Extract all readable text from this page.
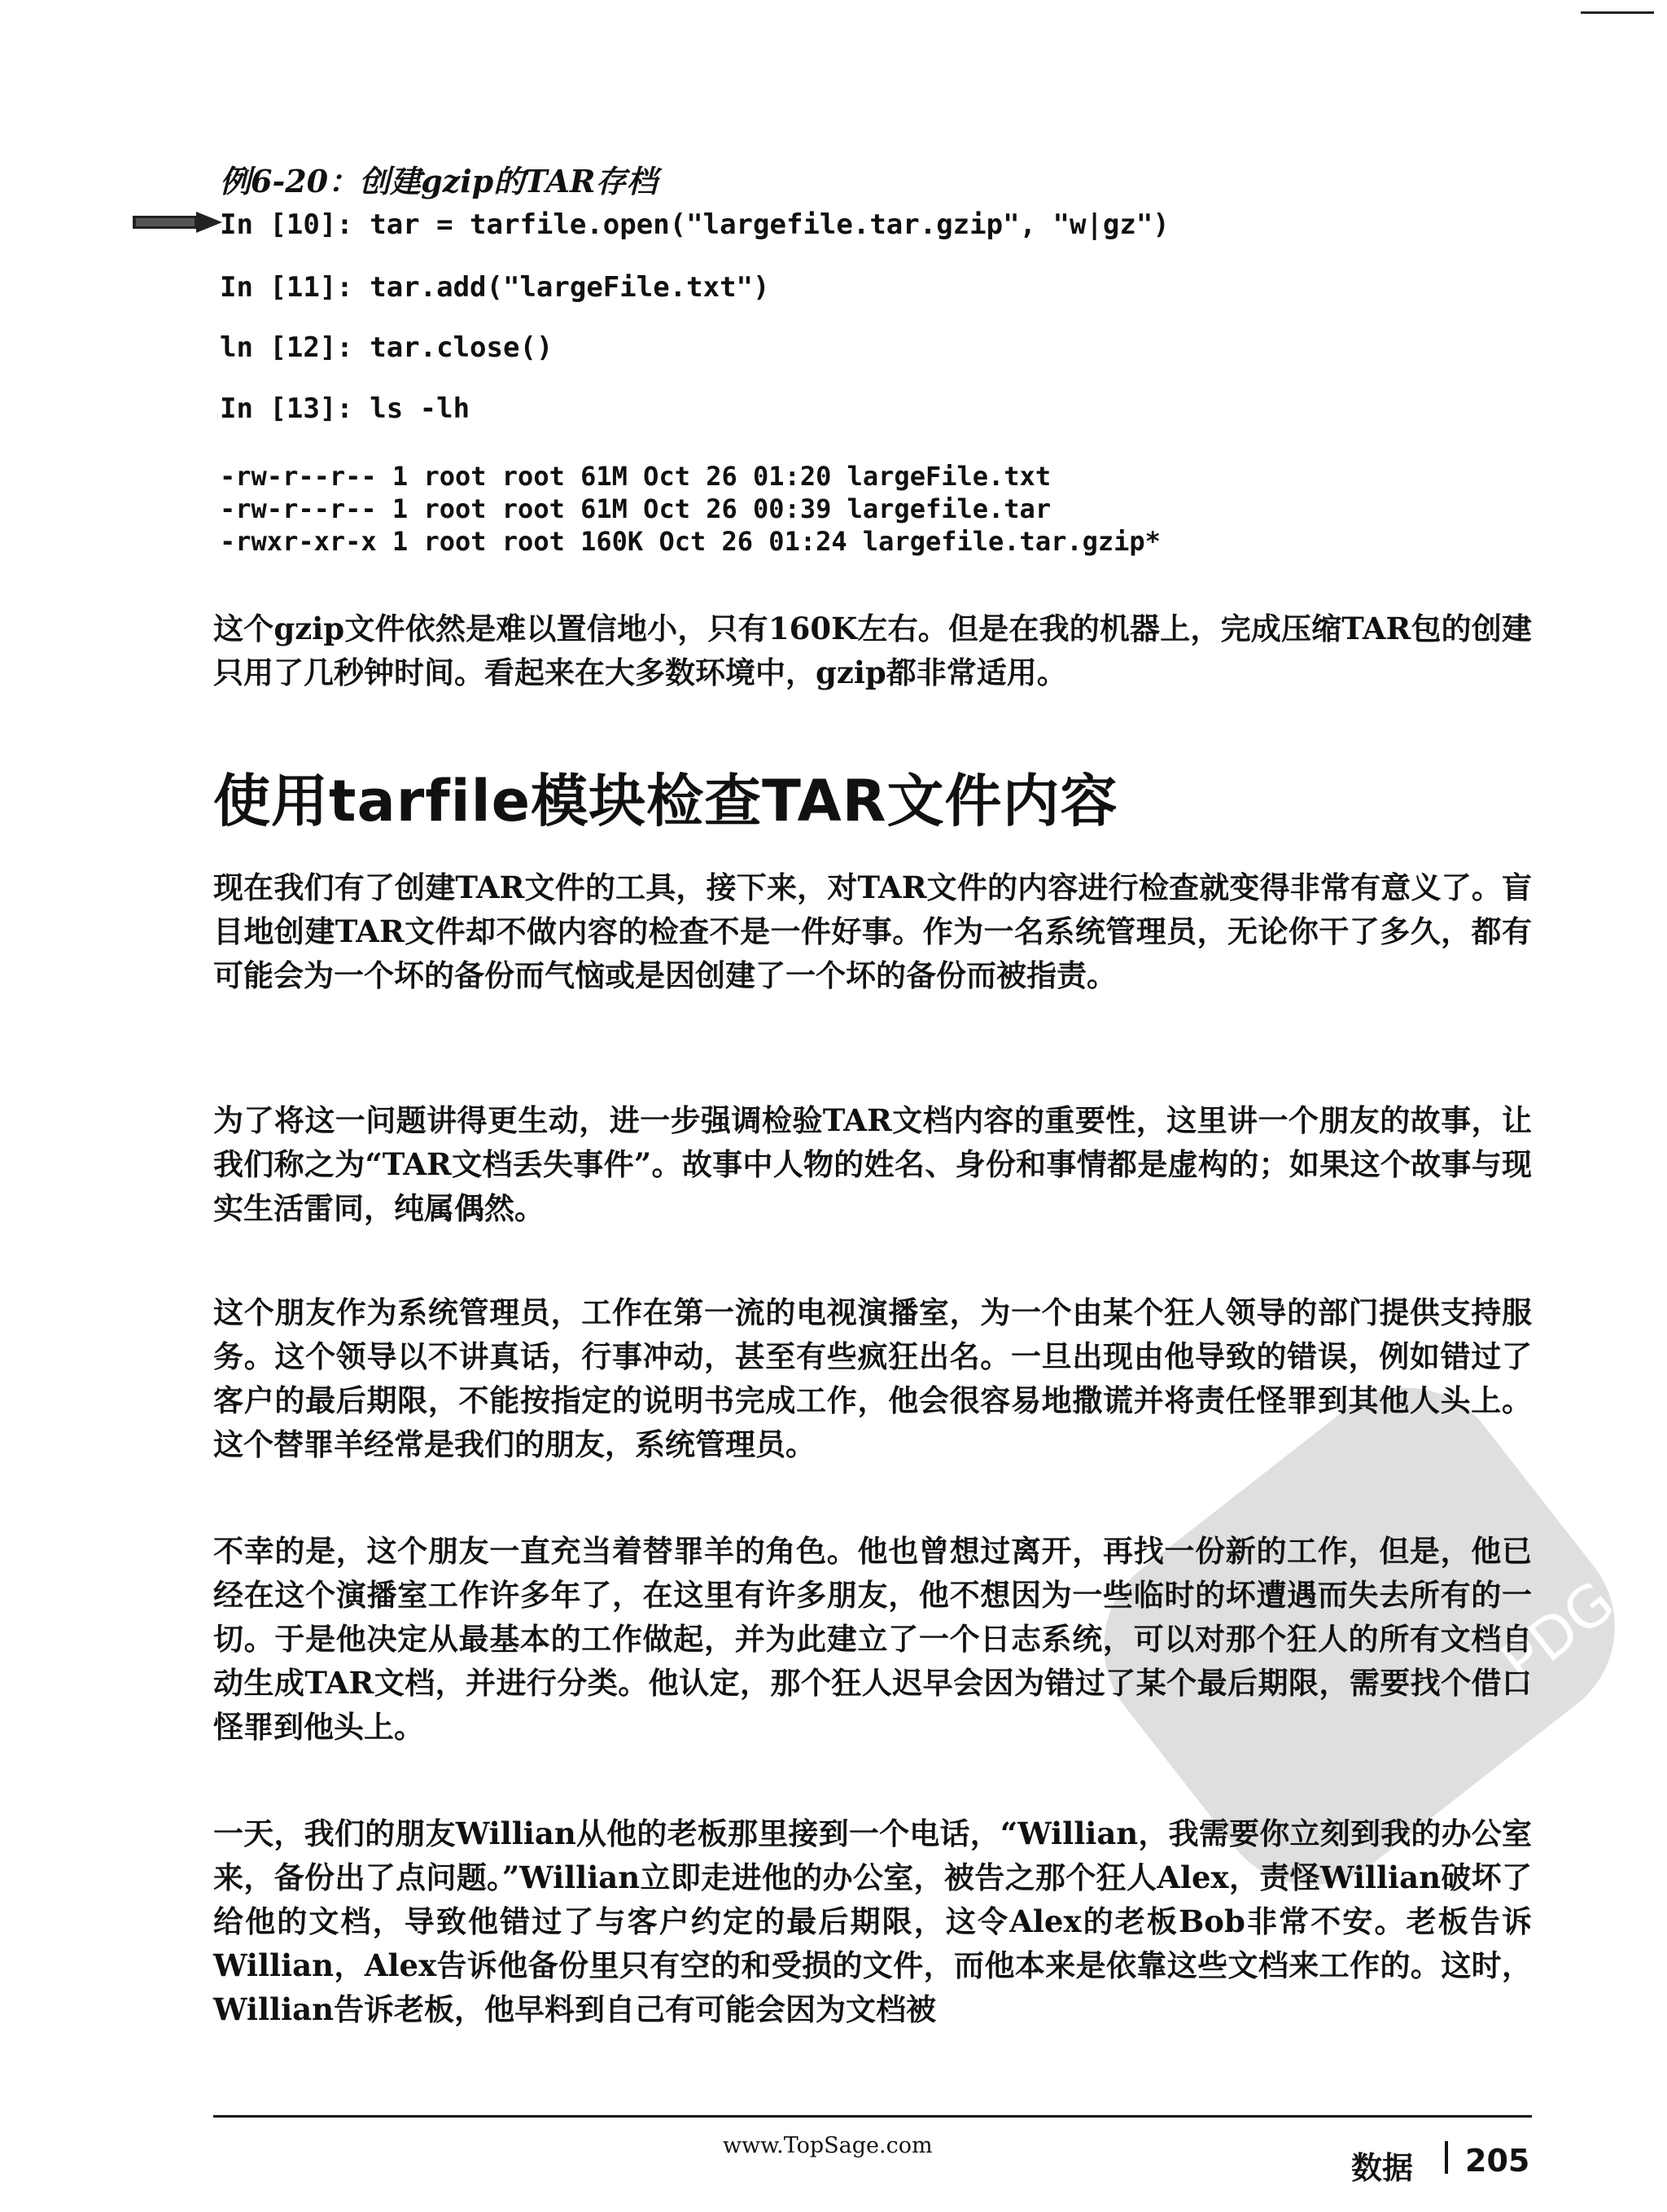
例6-20：创建gzip的TAR存档
In [10]: tar = tarfile.open("largefile.tar.gzip", "w|gz")
In [11]: tar.add("largeFile.txt")
ln [12]: tar.close()
In [13]: ls -lh
-rw-r--r-- 1 root root 61M Oct 26 01:20 largeFile.txt
-rw-r--r-- 1 root root 61M Oct 26 00:39 largefile.tar
-rwxr-xr-x 1 root root 160K Oct 26 01:24 largefile.tar.gzip*
这个gzip文件依然是难以置信地小，只有160K左右。但是在我的机器上，完成压缩TAR包的创建只用了几秒钟时间。看起来在大多数环境中，gzip都非常适用。
使用tarfile模块检查TAR文件内容
现在我们有了创建TAR文件的工具，接下来，对TAR文件的内容进行检查就变得非常有意义了。盲目地创建TAR文件却不做内容的检查不是一件好事。作为一名系统管理员，无论你干了多久，都有可能会为一个坏的备份而气恼或是因创建了一个坏的备份而被指责。
为了将这一问题讲得更生动，进一步强调检验TAR文档内容的重要性，这里讲一个朋友的故事，让我们称之为“TAR文档丢失事件”。故事中人物的姓名、身份和事情都是虚构的；如果这个故事与现实生活雷同，纯属偶然。
这个朋友作为系统管理员，工作在第一流的电视演播室，为一个由某个狂人领导的部门提供支持服务。这个领导以不讲真话，行事冲动，甚至有些疯狂出名。一旦出现由他导致的错误，例如错过了客户的最后期限，不能按指定的说明书完成工作，他会很容易地撒谎并将责任怪罪到其他人头上。这个替罪羊经常是我们的朋友，系统管理员。
不幸的是，这个朋友一直充当着替罪羊的角色。他也曾想过离开，再找一份新的工作，但是，他已经在这个演播室工作许多年了，在这里有许多朋友，他不想因为一些临时的坏遭遇而失去所有的一切。于是他决定从最基本的工作做起，并为此建立了一个日志系统，可以对那个狂人的所有文档自动生成TAR文档，并进行分类。他认定，那个狂人迟早会因为错过了某个最后期限，需要找个借口怪罪到他头上。
一天，我们的朋友Willian从他的老板那里接到一个电话，“Willian，我需要你立刻到我的办公室来，备份出了点问题。”Willian立即走进他的办公室，被告之那个狂人Alex，责怪Willian破坏了给他的文档，导致他错过了与客户约定的最后期限，这令Alex的老板Bob非常不安。老板告诉Willian，Alex告诉他备份里只有空的和受损的文件，而他本来是依靠这些文档来工作的。这时，Willian告诉老板，他早料到自己有可能会因为文档被
PDG
www.TopSage.com
数据 205
